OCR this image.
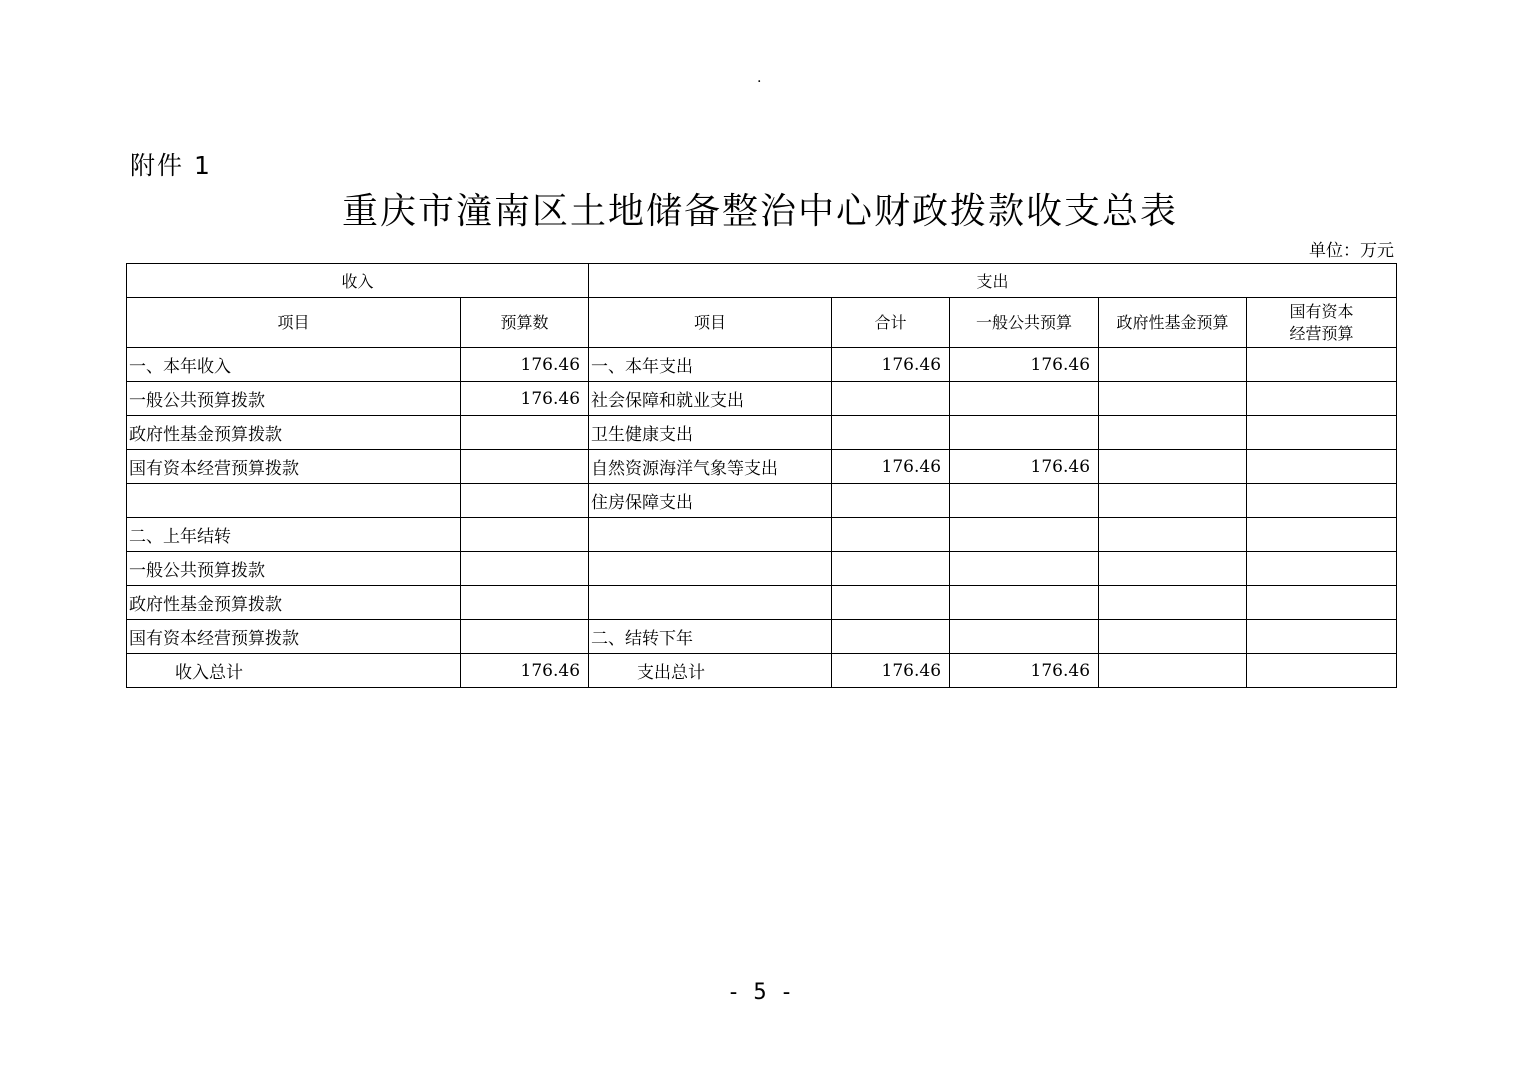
.
附件 1
重庆市潼南区土地储备整治中心财政拨款收支总表
单位：万元
收入		支出				
项目	预算数	项目	合计	一般公共预算	政府性基金预算	国有资本
经营预算
一、本年收入	176.46	一、本年支出	176.46	176.46		
一般公共预算拨款	176.46	社会保障和就业支出				
政府性基金预算拨款		卫生健康支出				
国有资本经营预算拨款		自然资源海洋气象等支出	176.46	176.46		
		住房保障支出				
二、上年结转						
一般公共预算拨款						
政府性基金预算拨款						
国有资本经营预算拨款		二、结转下年				
收入总计	176.46	支出总计	176.46	176.46		
- 5 -
